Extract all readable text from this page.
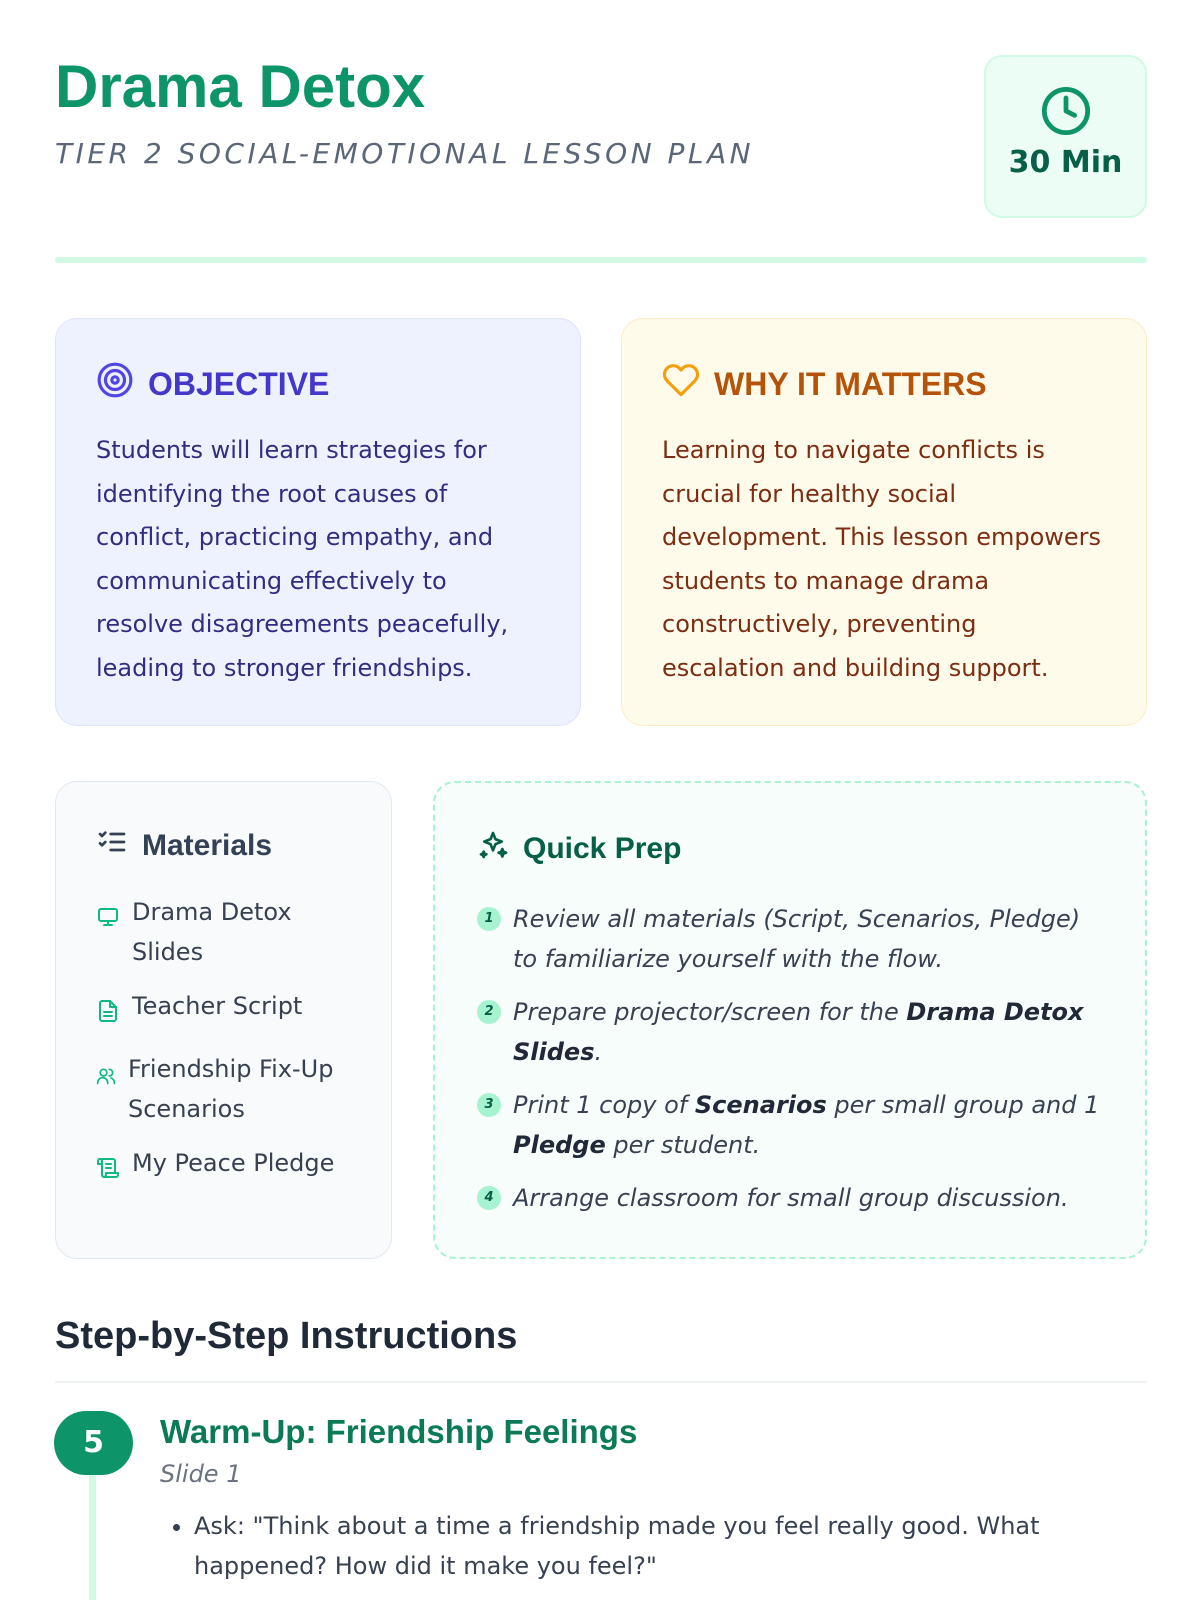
Drama Detox
TIER 2 SOCIAL-EMOTIONAL LESSON PLAN	30 Min
OBJECTIVE

Students will learn strategies for identifying the root causes of conflict, practicing empathy, and communicating effectively to resolve disagreements peacefully, leading to stronger friendships.

WHY IT MATTERS

Learning to navigate conflicts is crucial for healthy social development. This lesson empowers students to manage drama constructively, preventing escalation and building support.

Materials
Drama Detox Slides
Teacher Script
Friendship Fix-Up Scenarios
My Peace Pledge
Quick Prep
1 Review all materials (Script, Scenarios, Pledge) to familiarize yourself with the flow.
2 Prepare projector/screen for the Drama Detox Slides.
3 Print 1 copy of Scenarios per small group and 1 Pledge per student.
4 Arrange classroom for small group discussion.
Step-by-Step Instructions
5	Warm-Up: Friendship Feelings
Slide 1
• Ask: "Think about a time a friendship made you feel really good. What happened? How did it make you feel?"
